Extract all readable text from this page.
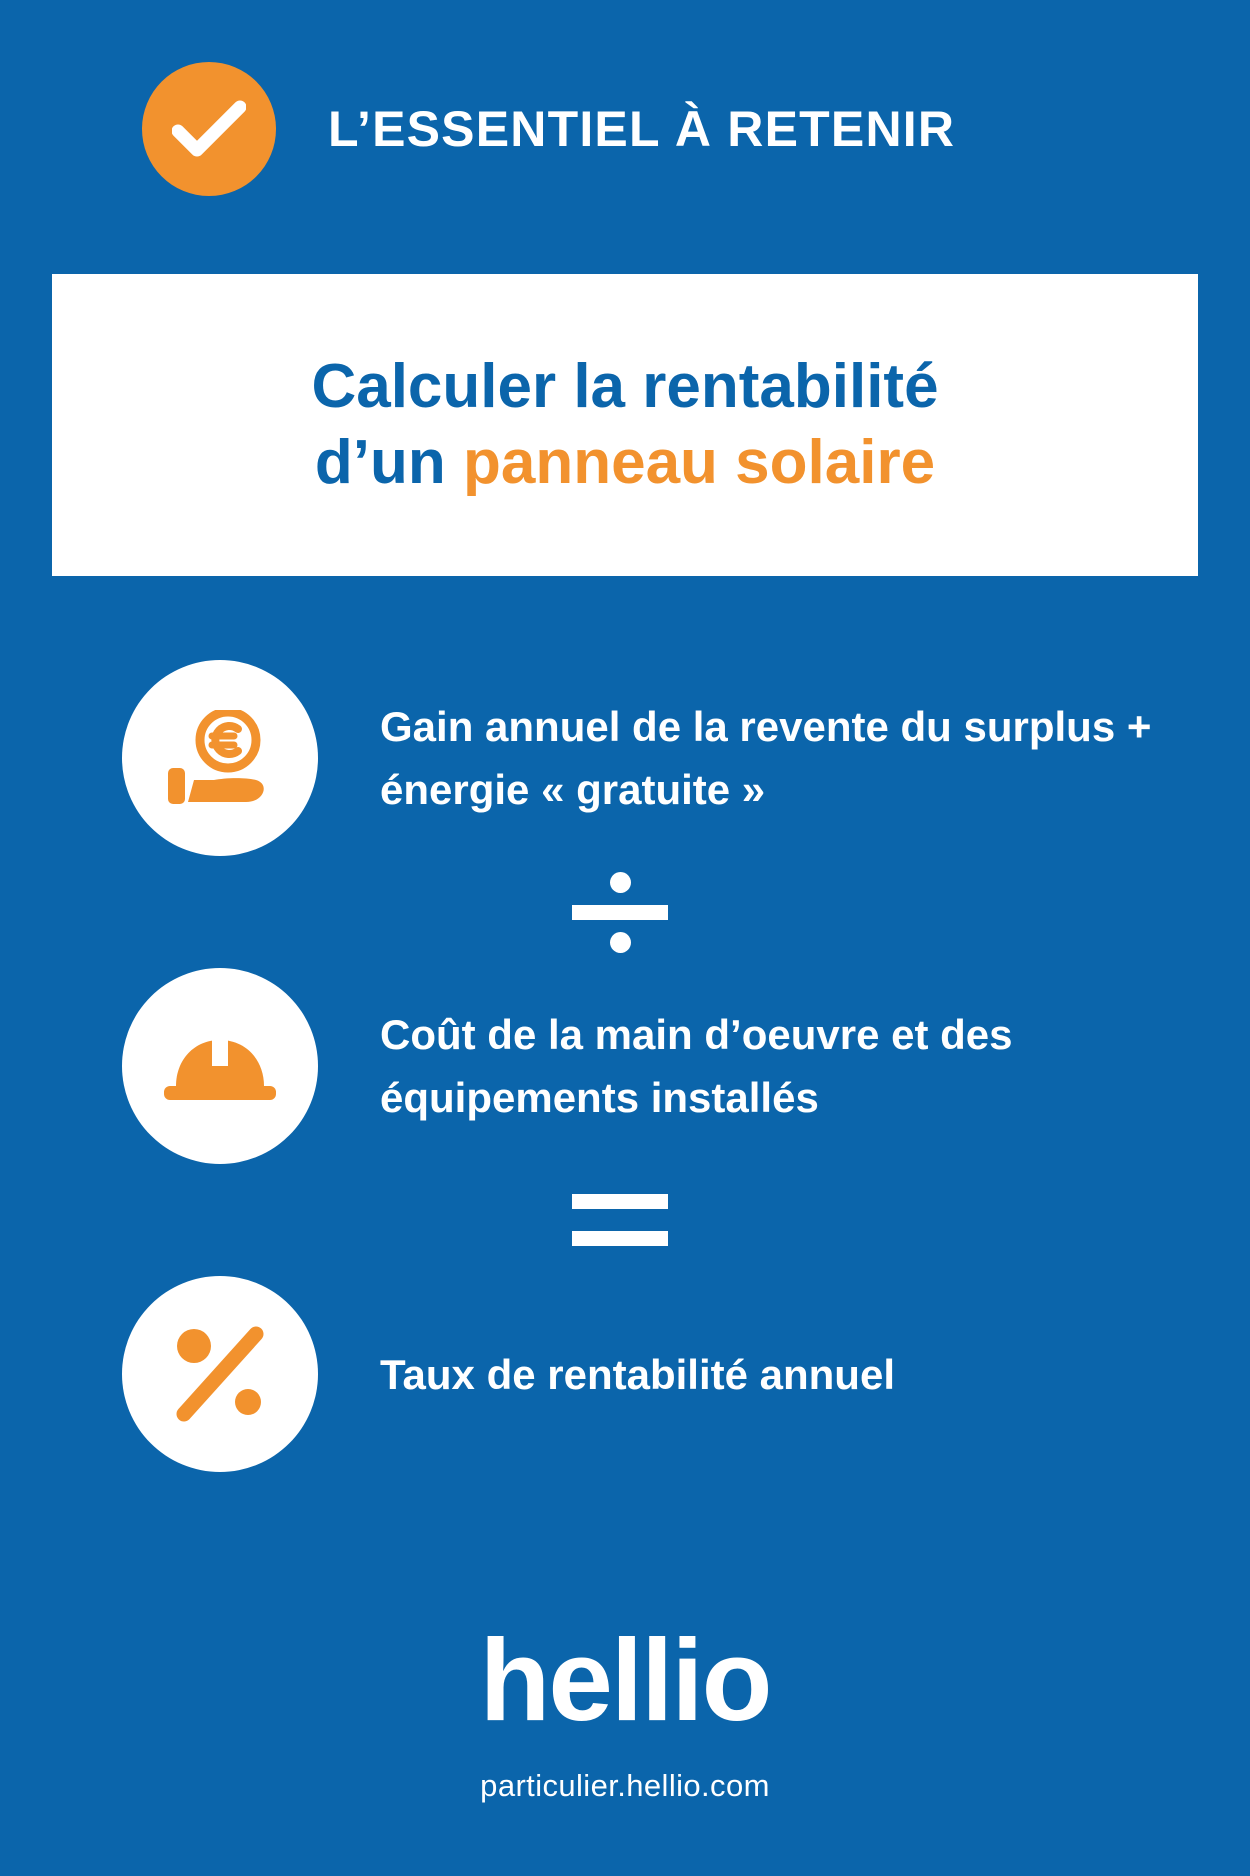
L’ESSENTIEL À RETENIR
Calculer la rentabilité
d’un panneau solaire
Gain annuel de la revente du surplus + énergie « gratuite »
Coût de la main d’oeuvre et des équipements installés
Taux de rentabilité annuel
hellio
particulier.hellio.com
